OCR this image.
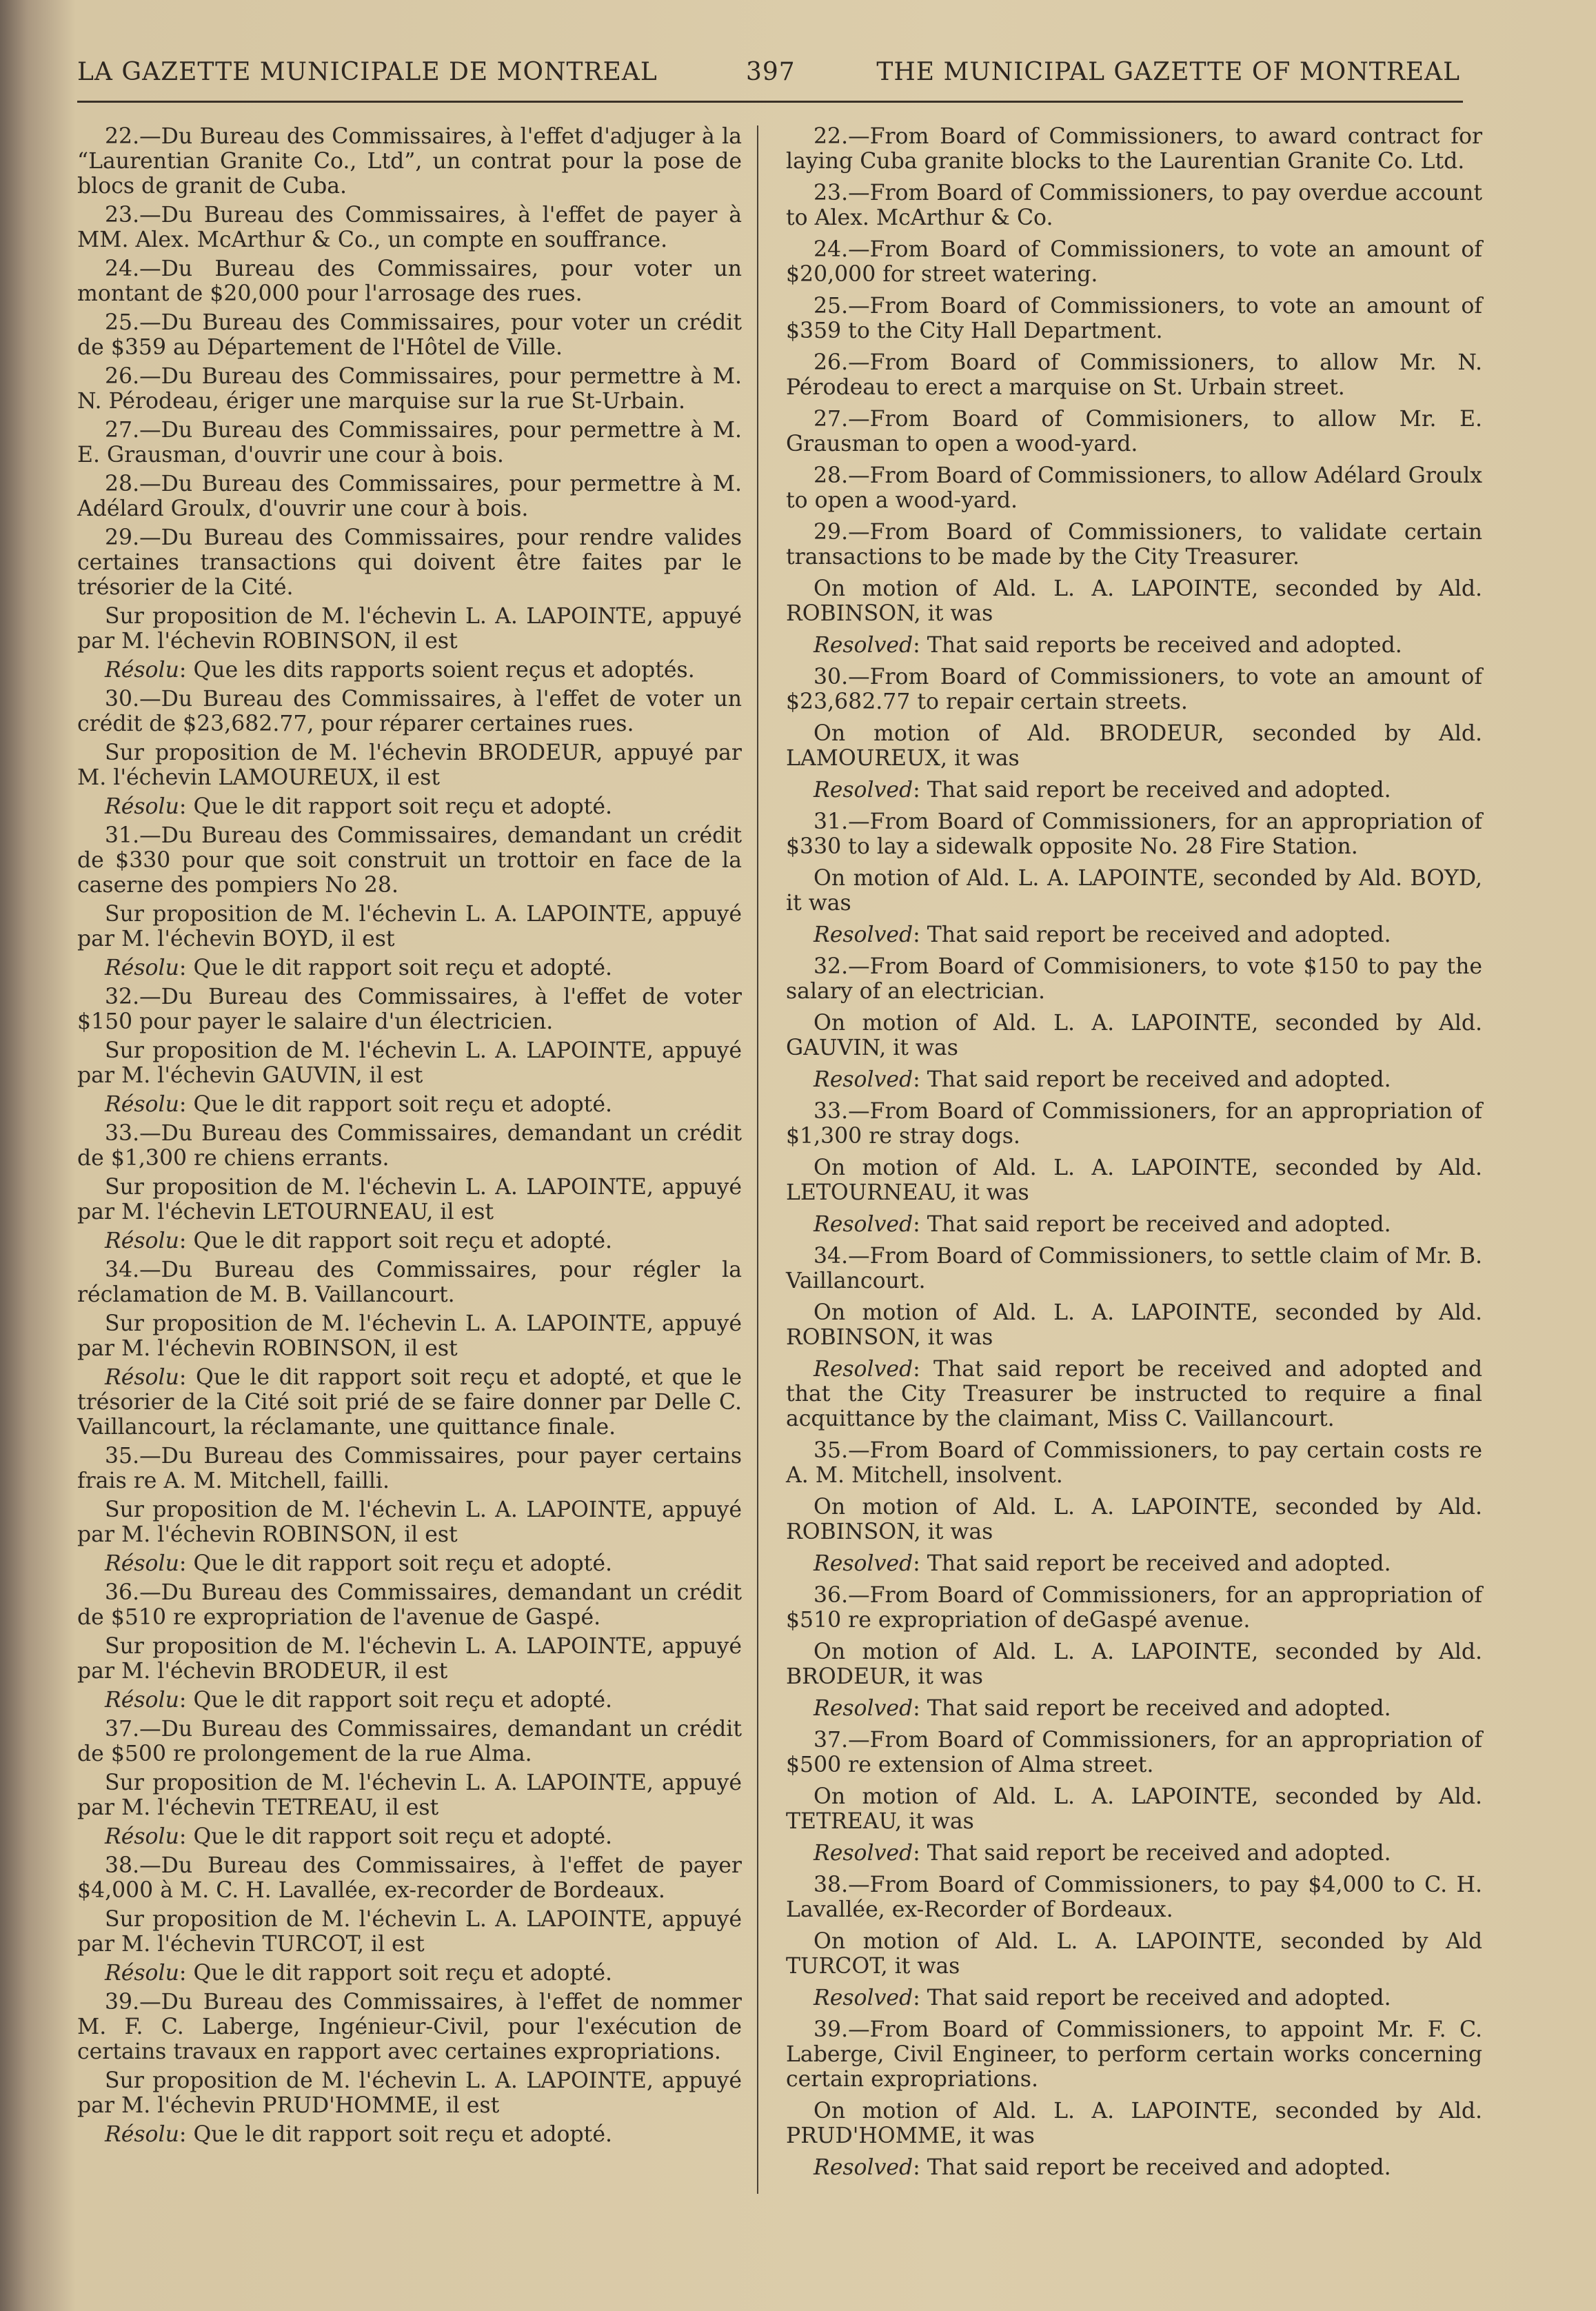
LA GAZETTE MUNICIPALE DE MONTREAL	397	THE MUNICIPAL GAZETTE OF MONTREAL

22.—Du Bureau des Commissaires, à l'effet d'adjuger à la “Laurentian Granite Co., Ltd”, un contrat pour la pose de blocs de granit de Cuba.

23.—Du Bureau des Commissaires, à l'effet de payer à MM. Alex. McArthur & Co., un compte en souffrance.

24.—Du Bureau des Commissaires, pour voter un montant de $20,000 pour l'arrosage des rues.

25.—Du Bureau des Commissaires, pour voter un crédit de $359 au Département de l'Hôtel de Ville.

26.—Du Bureau des Commissaires, pour permettre à M. N. Pérodeau, ériger une marquise sur la rue St-Urbain.

27.—Du Bureau des Commissaires, pour permettre à M. E. Grausman, d'ouvrir une cour à bois.

28.—Du Bureau des Commissaires, pour permettre à M. Adélard Groulx, d'ouvrir une cour à bois.

29.—Du Bureau des Commissaires, pour rendre valides certaines transactions qui doivent être faites par le trésorier de la Cité.

Sur proposition de M. l'échevin L. A. LAPOINTE, appuyé par M. l'échevin ROBINSON, il est

Résolu: Que les dits rapports soient reçus et adoptés.

30.—Du Bureau des Commissaires, à l'effet de voter un crédit de $23,682.77, pour réparer certaines rues.

Sur proposition de M. l'échevin BRODEUR, appuyé par M. l'échevin LAMOUREUX, il est

Résolu: Que le dit rapport soit reçu et adopté.

31.—Du Bureau des Commissaires, demandant un crédit de $330 pour que soit construit un trottoir en face de la caserne des pompiers No 28.

Sur proposition de M. l'échevin L. A. LAPOINTE, appuyé par M. l'échevin BOYD, il est

Résolu: Que le dit rapport soit reçu et adopté.

32.—Du Bureau des Commissaires, à l'effet de voter $150 pour payer le salaire d'un électricien.

Sur proposition de M. l'échevin L. A. LAPOINTE, appuyé par M. l'échevin GAUVIN, il est

Résolu: Que le dit rapport soit reçu et adopté.

33.—Du Bureau des Commissaires, demandant un crédit de $1,300 re chiens errants.

Sur proposition de M. l'échevin L. A. LAPOINTE, appuyé par M. l'échevin LETOURNEAU, il est

Résolu: Que le dit rapport soit reçu et adopté.

34.—Du Bureau des Commissaires, pour régler la réclamation de M. B. Vaillancourt.

Sur proposition de M. l'échevin L. A. LAPOINTE, appuyé par M. l'échevin ROBINSON, il est

Résolu: Que le dit rapport soit reçu et adopté, et que le trésorier de la Cité soit prié de se faire donner par Delle C. Vaillancourt, la réclamante, une quittance finale.

35.—Du Bureau des Commissaires, pour payer certains frais re A. M. Mitchell, failli.

Sur proposition de M. l'échevin L. A. LAPOINTE, appuyé par M. l'échevin ROBINSON, il est

Résolu: Que le dit rapport soit reçu et adopté.

36.—Du Bureau des Commissaires, demandant un crédit de $510 re expropriation de l'avenue de Gaspé.

Sur proposition de M. l'échevin L. A. LAPOINTE, appuyé par M. l'échevin BRODEUR, il est

Résolu: Que le dit rapport soit reçu et adopté.

37.—Du Bureau des Commissaires, demandant un crédit de $500 re prolongement de la rue Alma.

Sur proposition de M. l'échevin L. A. LAPOINTE, appuyé par M. l'échevin TETREAU, il est

Résolu: Que le dit rapport soit reçu et adopté.

38.—Du Bureau des Commissaires, à l'effet de payer $4,000 à M. C. H. Lavallée, ex-recorder de Bordeaux.

Sur proposition de M. l'échevin L. A. LAPOINTE, appuyé par M. l'échevin TURCOT, il est

Résolu: Que le dit rapport soit reçu et adopté.

39.—Du Bureau des Commissaires, à l'effet de nommer M. F. C. Laberge, Ingénieur-Civil, pour l'exécution de certains travaux en rapport avec certaines expropriations.

Sur proposition de M. l'échevin L. A. LAPOINTE, appuyé par M. l'échevin PRUD'HOMME, il est

Résolu: Que le dit rapport soit reçu et adopté.

22.—From Board of Commissioners, to award contract for laying Cuba granite blocks to the Laurentian Granite Co. Ltd.

23.—From Board of Commissioners, to pay overdue account to Alex. McArthur & Co.

24.—From Board of Commissioners, to vote an amount of $20,000 for street watering.

25.—From Board of Commissioners, to vote an amount of $359 to the City Hall Department.

26.—From Board of Commissioners, to allow Mr. N. Pérodeau to erect a marquise on St. Urbain street.

27.—From Board of Commisioners, to allow Mr. E. Grausman to open a wood-yard.

28.—From Board of Commissioners, to allow Adélard Groulx to open a wood-yard.

29.—From Board of Commissioners, to validate certain transactions to be made by the City Treasurer.

On motion of Ald. L. A. LAPOINTE, seconded by Ald. ROBINSON, it was

Resolved: That said reports be received and adopted.

30.—From Board of Commissioners, to vote an amount of $23,682.77 to repair certain streets.

On motion of Ald. BRODEUR, seconded by Ald. LAMOUREUX, it was

Resolved: That said report be received and adopted.

31.—From Board of Commissioners, for an appropriation of $330 to lay a sidewalk opposite No. 28 Fire Station.

On motion of Ald. L. A. LAPOINTE, seconded by Ald. BOYD, it was

Resolved: That said report be received and adopted.

32.—From Board of Commisioners, to vote $150 to pay the salary of an electrician.

On motion of Ald. L. A. LAPOINTE, seconded by Ald. GAUVIN, it was

Resolved: That said report be received and adopted.

33.—From Board of Commissioners, for an appropriation of $1,300 re stray dogs.

On motion of Ald. L. A. LAPOINTE, seconded by Ald. LETOURNEAU, it was

Resolved: That said report be received and adopted.

34.—From Board of Commissioners, to settle claim of Mr. B. Vaillancourt.

On motion of Ald. L. A. LAPOINTE, seconded by Ald. ROBINSON, it was

Resolved: That said report be received and adopted and that the City Treasurer be instructed to require a final acquittance by the claimant, Miss C. Vaillancourt.

35.—From Board of Commissioners, to pay certain costs re A. M. Mitchell, insolvent.

On motion of Ald. L. A. LAPOINTE, seconded by Ald. ROBINSON, it was

Resolved: That said report be received and adopted.

36.—From Board of Commissioners, for an appropriation of $510 re expropriation of deGaspé avenue.

On motion of Ald. L. A. LAPOINTE, seconded by Ald. BRODEUR, it was

Resolved: That said report be received and adopted.

37.—From Board of Commissioners, for an appropriation of $500 re extension of Alma street.

On motion of Ald. L. A. LAPOINTE, seconded by Ald. TETREAU, it was

Resolved: That said report be received and adopted.

38.—From Board of Commissioners, to pay $4,000 to C. H. Lavallée, ex-Recorder of Bordeaux.

On motion of Ald. L. A. LAPOINTE, seconded by Ald TURCOT, it was

Resolved: That said report be received and adopted.

39.—From Board of Commissioners, to appoint Mr. F. C. Laberge, Civil Engineer, to perform certain works concerning certain expropriations.

On motion of Ald. L. A. LAPOINTE, seconded by Ald. PRUD'HOMME, it was

Resolved: That said report be received and adopted.
